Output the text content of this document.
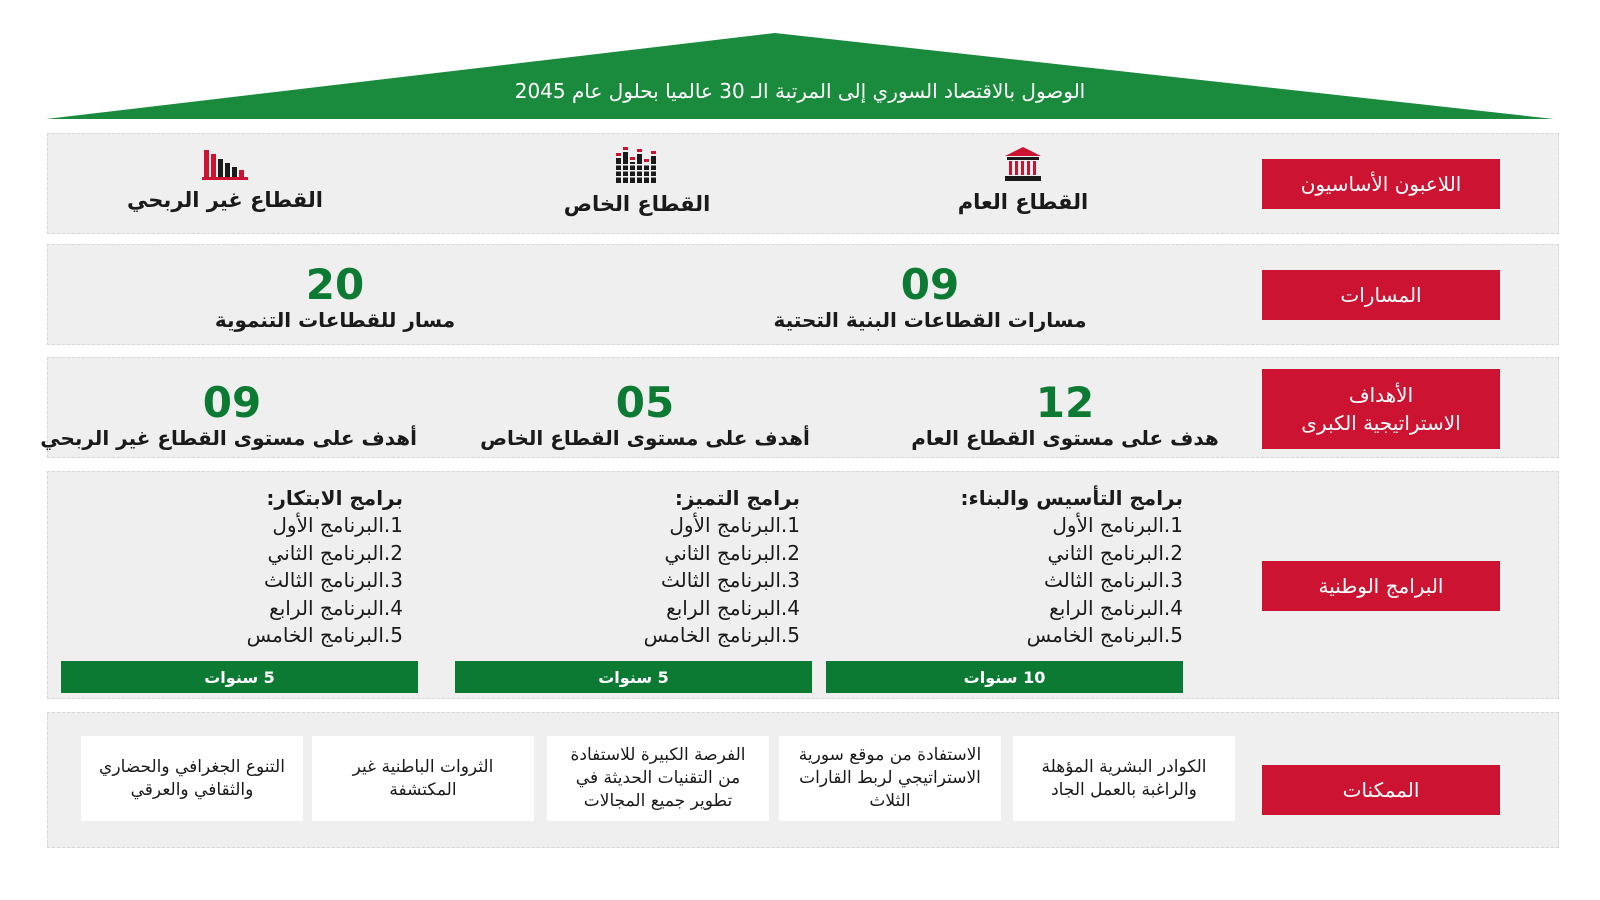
الوصول بالاقتصاد السوري إلى المرتبة الـ 30 عالميا بحلول عام 2045
اللاعبون الأساسيون
القطاع العام
القطاع الخاص
القطاع غير الربحي
المسارات
09
مسارات القطاعات البنية التحتية
20
مسار للقطاعات التنموية
الأهداف
الاستراتيجية الكبرى
12
هدف على مستوى القطاع العام
05
أهدف على مستوى القطاع الخاص
09
أهدف على مستوى القطاع غير الربحي
البرامج الوطنية
برامج التأسيس والبناء:
1.البرنامج الأول
2.البرنامج الثاني
3.البرنامج الثالث
4.البرنامج الرابع
5.البرنامج الخامس
برامج التميز:
1.البرنامج الأول
2.البرنامج الثاني
3.البرنامج الثالث
4.البرنامج الرابع
5.البرنامج الخامس
برامج الابتكار:
1.البرنامج الأول
2.البرنامج الثاني
3.البرنامج الثالث
4.البرنامج الرابع
5.البرنامج الخامس
10 سنوات
5 سنوات
5 سنوات
الممكنات
الكوادر البشرية المؤهلة والراغبة بالعمل الجاد
الاستفادة من موقع سورية الاستراتيجي لربط القارات الثلاث
الفرصة الكبيرة للاستفادة من التقنيات الحديثة في تطوير جميع المجالات
الثروات الباطنية غير المكتشفة
التنوع الجغرافي والحضاري والثقافي والعرقي
